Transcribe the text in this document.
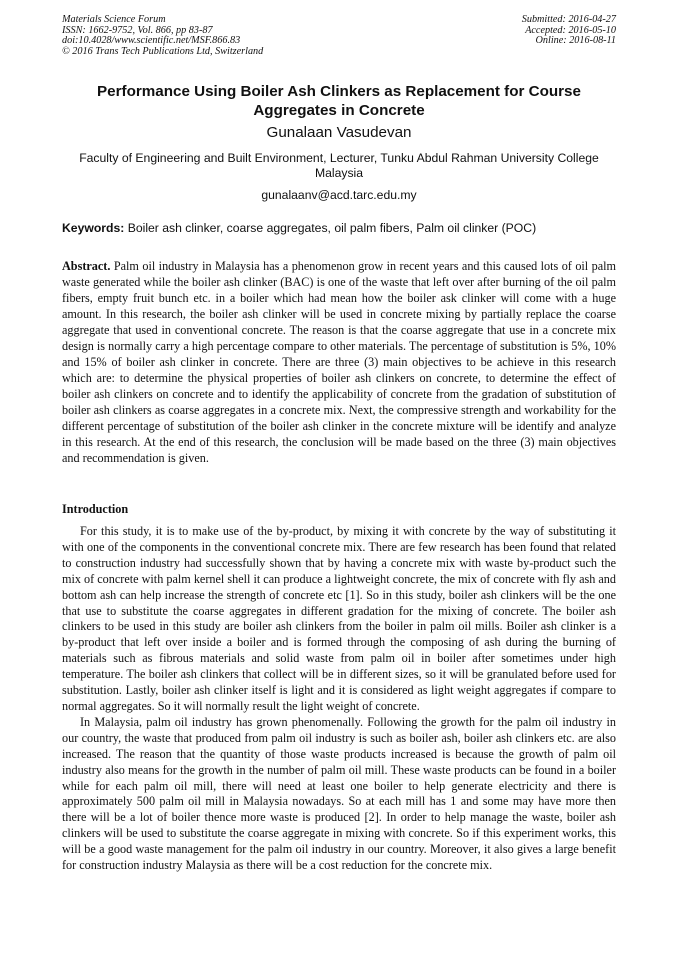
Materials Science Forum
ISSN: 1662-9752, Vol. 866, pp 83-87
doi:10.4028/www.scientific.net/MSF.866.83
© 2016 Trans Tech Publications Ltd, Switzerland
Submitted: 2016-04-27
Accepted: 2016-05-10
Online: 2016-08-11
Performance Using Boiler Ash Clinkers as Replacement for Course Aggregates in Concrete
Gunalaan Vasudevan
Faculty of Engineering and Built Environment, Lecturer, Tunku Abdul Rahman University College Malaysia
gunalaanv@acd.tarc.edu.my
Keywords: Boiler ash clinker, coarse aggregates, oil palm fibers, Palm oil clinker (POC)
Abstract. Palm oil industry in Malaysia has a phenomenon grow in recent years and this caused lots of oil palm waste generated while the boiler ash clinker (BAC) is one of the waste that left over after burning of the oil palm fibers, empty fruit bunch etc. in a boiler which had mean how the boiler ask clinker will come with a huge amount. In this research, the boiler ash clinker will be used in concrete mixing by partially replace the coarse aggregate that used in conventional concrete. The reason is that the coarse aggregate that use in a concrete mix design is normally carry a high percentage compare to other materials. The percentage of substitution is 5%, 10% and 15% of boiler ash clinker in concrete. There are three (3) main objectives to be achieve in this research which are: to determine the physical properties of boiler ash clinkers on concrete, to determine the effect of boiler ash clinkers on concrete and to identify the applicability of concrete from the gradation of substitution of boiler ash clinkers as coarse aggregates in a concrete mix. Next, the compressive strength and workability for the different percentage of substitution of the boiler ash clinker in the concrete mixture will be identify and analyze in this research. At the end of this research, the conclusion will be made based on the three (3) main objectives and recommendation is given.
Introduction

For this study, it is to make use of the by-product, by mixing it with concrete by the way of substituting it with one of the components in the conventional concrete mix. There are few research has been found that related to construction industry had successfully shown that by having a concrete mix with waste by-product such the mix of concrete with palm kernel shell it can produce a lightweight concrete, the mix of concrete with fly ash and bottom ash can help increase the strength of concrete etc [1]. So in this study, boiler ash clinkers will be the one that use to substitute the coarse aggregates in different gradation for the mixing of concrete. The boiler ash clinkers to be used in this study are boiler ash clinkers from the boiler in palm oil mills. Boiler ash clinker is a by-product that left over inside a boiler and is formed through the composing of ash during the burning of materials such as fibrous materials and solid waste from palm oil in boiler after sometimes under high temperature. The boiler ash clinkers that collect will be in different sizes, so it will be granulated before used for substitution. Lastly, boiler ash clinker itself is light and it is considered as light weight aggregates if compare to normal aggregates. So it will normally result the light weight of concrete.

In Malaysia, palm oil industry has grown phenomenally. Following the growth for the palm oil industry in our country, the waste that produced from palm oil industry is such as boiler ash, boiler ash clinkers etc. are also increased. The reason that the quantity of those waste products increased is because the growth of palm oil industry also means for the growth in the number of palm oil mill. These waste products can be found in a boiler while for each palm oil mill, there will need at least one boiler to help generate electricity and there is approximately 500 palm oil mill in Malaysia nowadays. So at each mill has 1 and some may have more then there will be a lot of boiler thence more waste is produced [2]. In order to help manage the waste, boiler ash clinkers will be used to substitute the coarse aggregate in mixing with concrete. So if this experiment works, this will be a good waste management for the palm oil industry in our country. Moreover, it also gives a large benefit for construction industry Malaysia as there will be a cost reduction for the concrete mix.
